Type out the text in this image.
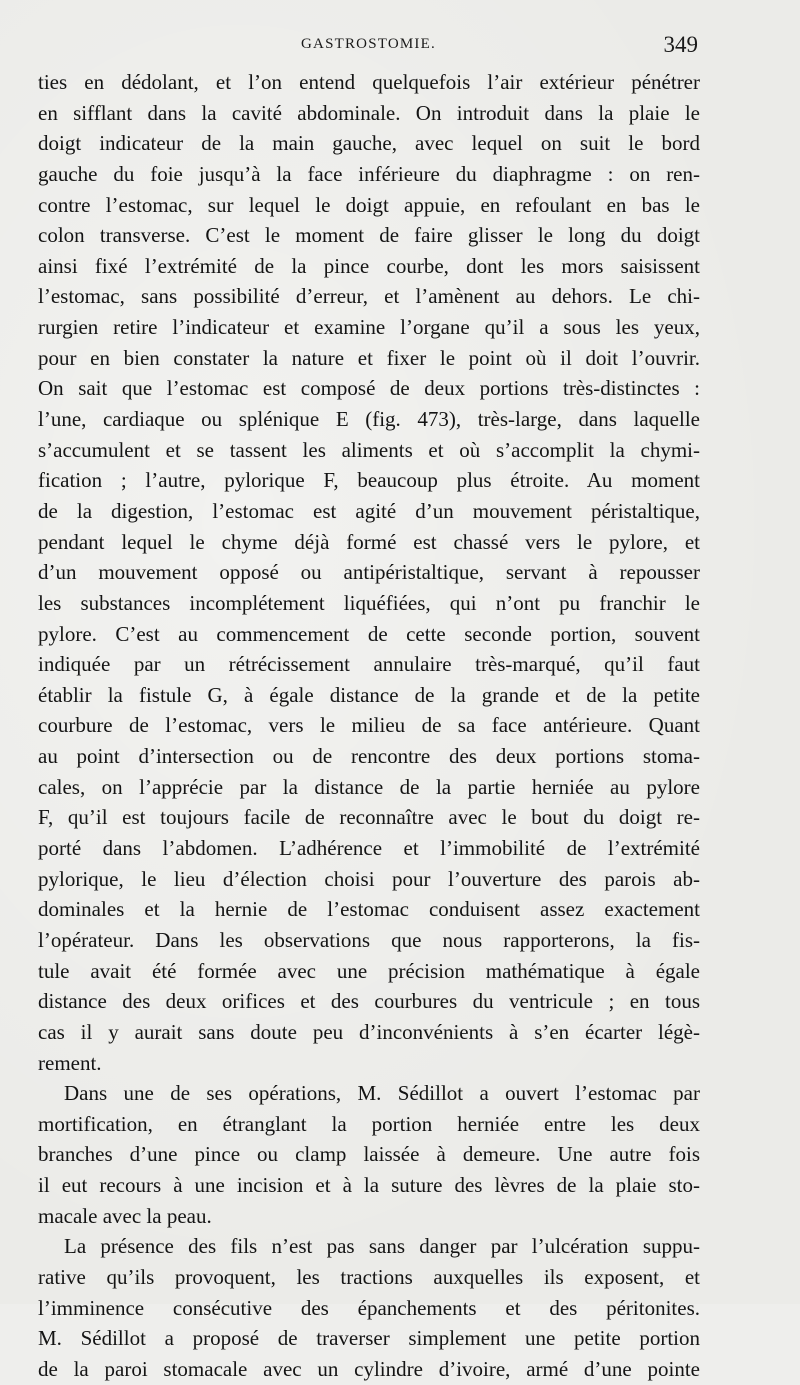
GASTROSTOMIE.	349
ties en dédolant, et l’on entend quelquefois l’air extérieur pénétrer
en sifflant dans la cavité abdominale. On introduit dans la plaie le
doigt indicateur de la main gauche, avec lequel on suit le bord
gauche du foie jusqu’à la face inférieure du diaphragme : on ren-
contre l’estomac, sur lequel le doigt appuie, en refoulant en bas le
colon transverse. C’est le moment de faire glisser le long du doigt
ainsi fixé l’extrémité de la pince courbe, dont les mors saisissent
l’estomac, sans possibilité d’erreur, et l’amènent au dehors. Le chi-
rurgien retire l’indicateur et examine l’organe qu’il a sous les yeux,
pour en bien constater la nature et fixer le point où il doit l’ouvrir.
On sait que l’estomac est composé de deux portions très-distinctes :
l’une, cardiaque ou splénique E (fig. 473), très-large, dans laquelle
s’accumulent et se tassent les aliments et où s’accomplit la chymi-
fication ; l’autre, pylorique F, beaucoup plus étroite. Au moment
de la digestion, l’estomac est agité d’un mouvement péristaltique,
pendant lequel le chyme déjà formé est chassé vers le pylore, et
d’un mouvement opposé ou antipéristaltique, servant à repousser
les substances incomplétement liquéfiées, qui n’ont pu franchir le
pylore. C’est au commencement de cette seconde portion, souvent
indiquée par un rétrécissement annulaire très-marqué, qu’il faut
établir la fistule G, à égale distance de la grande et de la petite
courbure de l’estomac, vers le milieu de sa face antérieure. Quant
au point d’intersection ou de rencontre des deux portions stoma-
cales, on l’apprécie par la distance de la partie herniée au pylore
F, qu’il est toujours facile de reconnaître avec le bout du doigt re-
porté dans l’abdomen. L’adhérence et l’immobilité de l’extrémité
pylorique, le lieu d’élection choisi pour l’ouverture des parois ab-
dominales et la hernie de l’estomac conduisent assez exactement
l’opérateur. Dans les observations que nous rapporterons, la fis-
tule avait été formée avec une précision mathématique à égale
distance des deux orifices et des courbures du ventricule ; en tous
cas il y aurait sans doute peu d’inconvénients à s’en écarter légè-
rement.
Dans une de ses opérations, M. Sédillot a ouvert l’estomac par
mortification, en étranglant la portion herniée entre les deux
branches d’une pince ou clamp laissée à demeure. Une autre fois
il eut recours à une incision et à la suture des lèvres de la plaie sto-
macale avec la peau.
La présence des fils n’est pas sans danger par l’ulcération suppu-
rative qu’ils provoquent, les tractions auxquelles ils exposent, et
l’imminence consécutive des épanchements et des péritonites.
M. Sédillot a proposé de traverser simplement une petite portion
de la paroi stomacale avec un cylindre d’ivoire, armé d’une pointe
